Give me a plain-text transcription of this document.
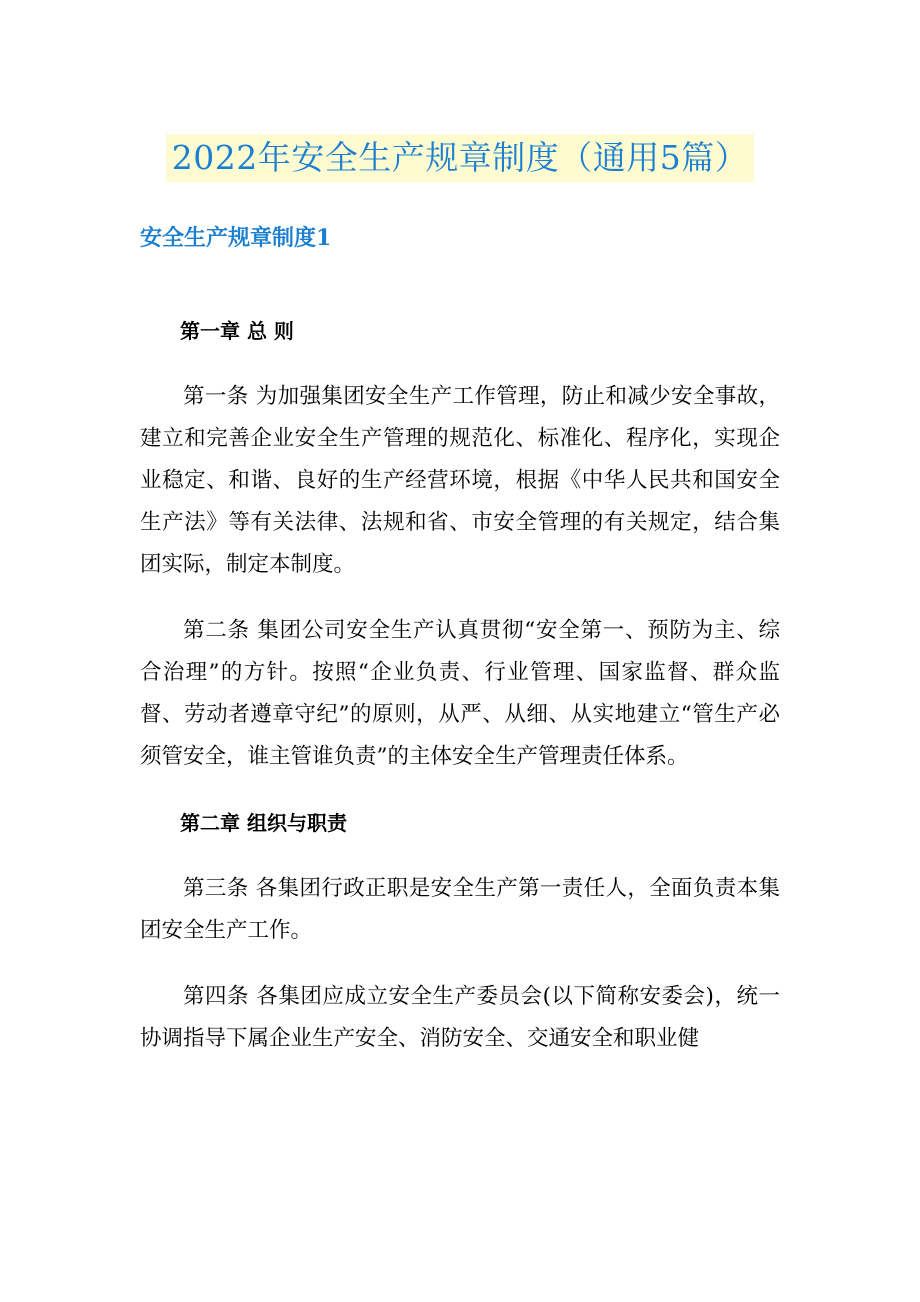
2022年安全生产规章制度（通用5篇）
安全生产规章制度1

第一章 总 则

第一条 为加强集团安全生产工作管理，防止和减少安全事故，建立和完善企业安全生产管理的规范化、标准化、程序化，实现企业稳定、和谐、良好的生产经营环境，根据《中华人民共和国安全生产法》等有关法律、法规和省、市安全管理的有关规定，结合集团实际，制定本制度。

第二条 集团公司安全生产认真贯彻“安全第一、预防为主、综合治理”的方针。按照“企业负责、行业管理、国家监督、群众监督、劳动者遵章守纪”的原则，从严、从细、从实地建立“管生产必须管安全，谁主管谁负责”的主体安全生产管理责任体系。

第二章 组织与职责

第三条 各集团行政正职是安全生产第一责任人，全面负责本集团安全生产工作。

第四条 各集团应成立安全生产委员会(以下简称安委会)，统一协调指导下属企业生产安全、消防安全、交通安全和职业健
